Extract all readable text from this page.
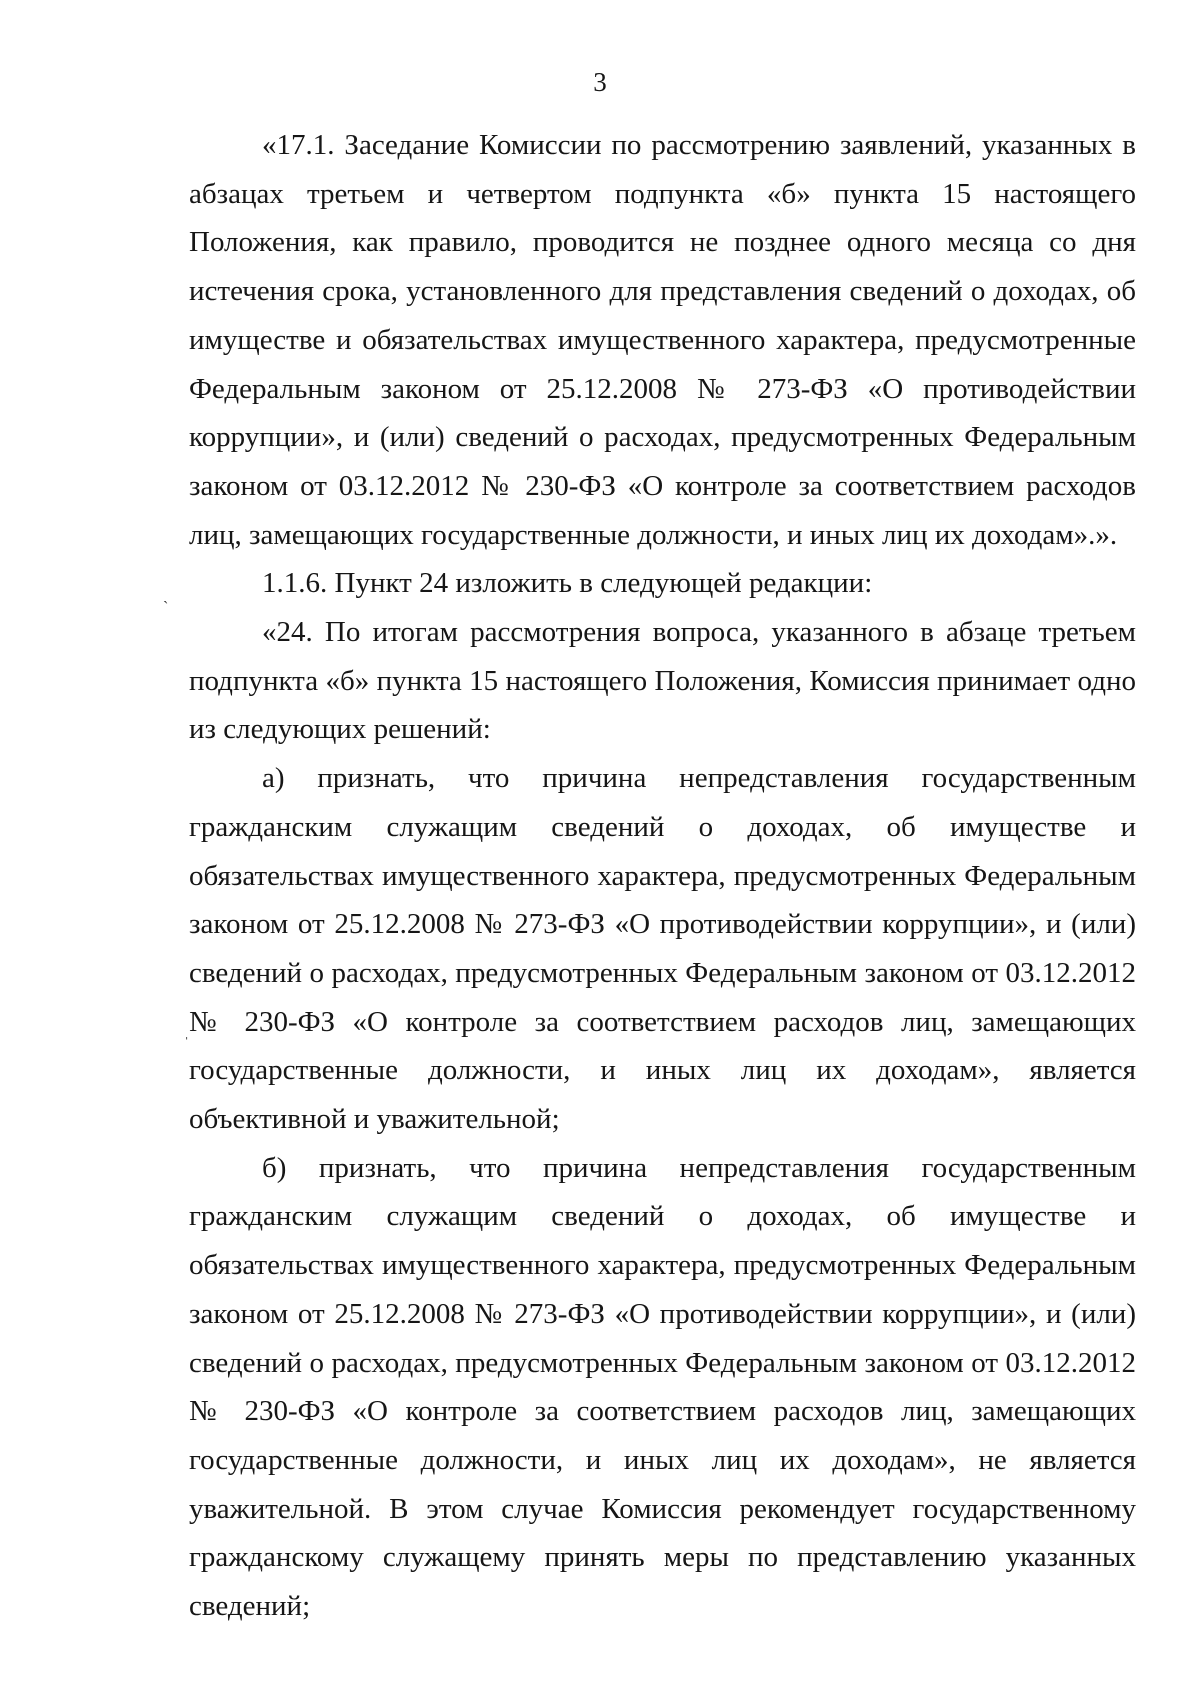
3

«17.1. Заседание Комиссии по рассмотрению заявлений, указанных в абзацах третьем и четвертом подпункта «б» пункта 15 настоящего Положения, как правило, проводится не позднее одного месяца со дня истечения срока, установленного для представления сведений о доходах, об имуществе и обязательствах имущественного характера, предусмотренные Федеральным законом от 25.12.2008 № 273-ФЗ «О противодействии коррупции», и (или) сведений о расходах, предусмотренных Федеральным законом от 03.12.2012 № 230-ФЗ «О контроле за соответствием расходов лиц, замещающих государственные должности, и иных лиц их доходам».».

1.1.6. Пункт 24 изложить в следующей редакции:

«24. По итогам рассмотрения вопроса, указанного в абзаце третьем подпункта «б» пункта 15 настоящего Положения, Комиссия принимает одно из следующих решений:

а) признать, что причина непредставления государственным гражданским служащим сведений о доходах, об имуществе и обязательствах имущественного характера, предусмотренных Федеральным законом от 25.12.2008 № 273-ФЗ «О противодействии коррупции», и (или) сведений о расходах, предусмотренных Федеральным законом от 03.12.2012 № 230-ФЗ «О контроле за соответствием расходов лиц, замещающих государственные должности, и иных лиц их доходам», является объективной и уважительной;

б) признать, что причина непредставления государственным гражданским служащим сведений о доходах, об имуществе и обязательствах имущественного характера, предусмотренных Федеральным законом от 25.12.2008 № 273-ФЗ «О противодействии коррупции», и (или) сведений о расходах, предусмотренных Федеральным законом от 03.12.2012 № 230-ФЗ «О контроле за соответствием расходов лиц, замещающих государственные должности, и иных лиц их доходам», не является уважительной. В этом случае Комиссия рекомендует государственному гражданскому служащему принять меры по представлению указанных сведений;

ˏ
ˈ
